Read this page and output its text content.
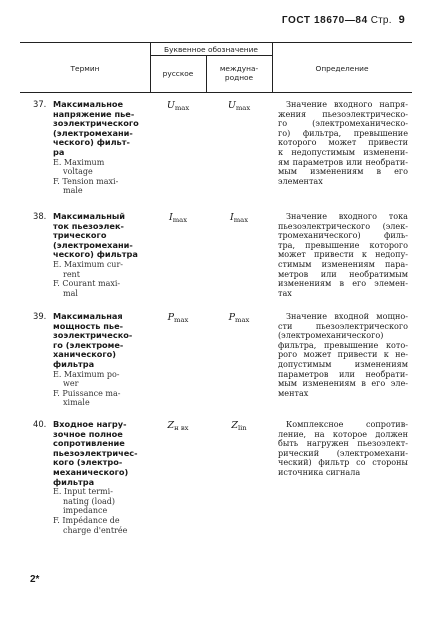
ГОСТ 18670—84 Стр. 9
Термин
Буквенное обозначение
русское
междуна-
родное
Определение
37. Максимальное
напряжение пье-
зоэлектрического
(электромехани-
ческого) фильт-
ра
E. Maximum
voltage
F. Tension maxi-
male
$U_{max}$	$U_{max}$	Значение входного напря-
жения пьезоэлектрическо-
го (электромеханическо-
го) фильтра, превышение
которого может привести
к недопустимым изменени-
ям параметров или необрати-
мым изменениям в его
элементах
38. Максимальный
ток пьезоэлек-
трического
(электромехани-
ческого) фильтра
E. Maximum cur-
rent
F. Courant maxi-
mal
$I_{max}$	$I_{max}$	Значение входного тока
пьезоэлектрического (элек-
тромеханического) филь-
тра, превышение которого
может привести к недопу-
стимым изменениям пара-
метров или необратимым
изменениям в его элемен-
тах
39. Максимальная
мощность пье-
зоэлектрическо-
го (электроме-
ханического)
фильтра
E. Maximum po-
wer
F. Puissance ma-
ximale
$P_{max}$	$P_{max}$	Значение входной мощно-
сти пьезоэлектрического
(электромеханического)
фильтра, превышение кото-
рого может привести к не-
допустимым изменениям
параметров или необрати-
мым изменениям в его эле-
ментах
40. Входное нагру-
зочное полное
сопротивление
пьезоэлектричес-
кого (электро-
механического)
фильтра
E. Input termi-
nating (load)
impedance
F. Impédance de
charge d'entrée
$Z_{н вх}$	$Z_{lin}$	Комплексное сопротив-
ление, на которое должен
быть нагружен пьезоэлект-
рический (электромехани-
ческий) фильтр со стороны
источника сигнала
2*
